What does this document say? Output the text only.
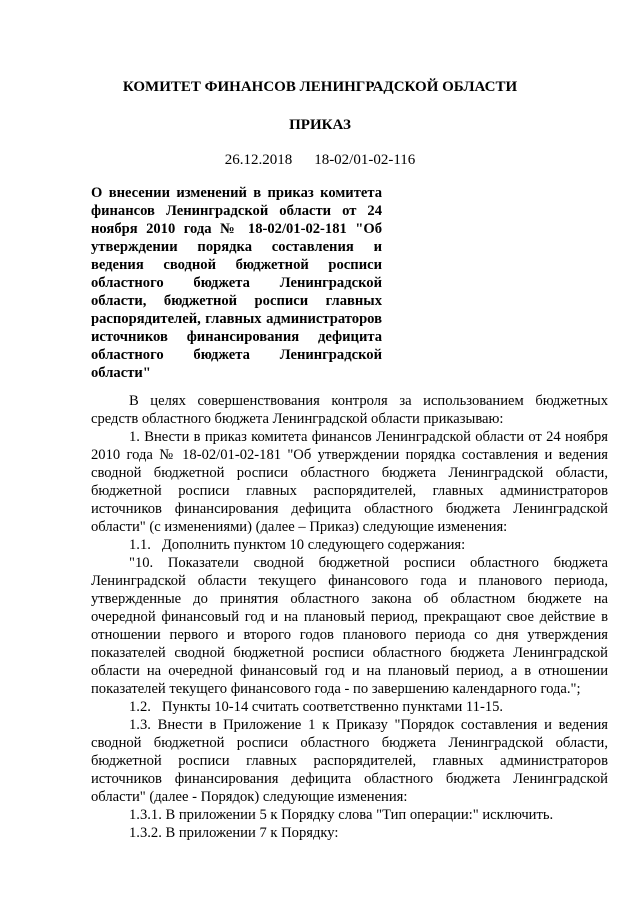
КОМИТЕТ ФИНАНСОВ ЛЕНИНГРАДСКОЙ ОБЛАСТИ
ПРИКАЗ
26.12.2018 18-02/01-02-116

О внесении изменений в приказ комитета финансов Ленинградской области от 24 ноября 2010 года № 18-02/01-02-181 "Об утверждении порядка составления и ведения сводной бюджетной росписи областного бюджета Ленинградской области, бюджетной росписи главных распорядителей, главных администраторов источников финансирования дефицита областного бюджета Ленинградской области"

В целях совершенствования контроля за использованием бюджетных средств областного бюджета Ленинградской области приказываю:

1. Внести в приказ комитета финансов Ленинградской области от 24 ноября 2010 года № 18-02/01-02-181 "Об утверждении порядка составления и ведения сводной бюджетной росписи областного бюджета Ленинградской области, бюджетной росписи главных распорядителей, главных администраторов источников финансирования дефицита областного бюджета Ленинградской области" (с изменениями) (далее – Приказ) следующие изменения:

1.1.   Дополнить пунктом 10 следующего содержания:

"10. Показатели сводной бюджетной росписи областного бюджета Ленинградской области текущего финансового года и планового периода, утвержденные до принятия областного закона об областном бюджете на очередной финансовый год и на плановый период, прекращают свое действие в отношении первого и второго годов планового периода со дня утверждения показателей сводной бюджетной росписи областного бюджета Ленинградской области на очередной финансовый год и на плановый период, а в отношении показателей текущего финансового года - по завершению календарного года.";

1.2.   Пункты 10-14 считать соответственно пунктами 11-15.

1.3. Внести в Приложение 1 к Приказу "Порядок составления и ведения сводной бюджетной росписи областного бюджета Ленинградской области, бюджетной росписи главных распорядителей, главных администраторов источников финансирования дефицита областного бюджета Ленинградской области" (далее - Порядок) следующие изменения:

1.3.1. В приложении 5 к Порядку слова "Тип операции:" исключить.

1.3.2. В приложении 7 к Порядку:
